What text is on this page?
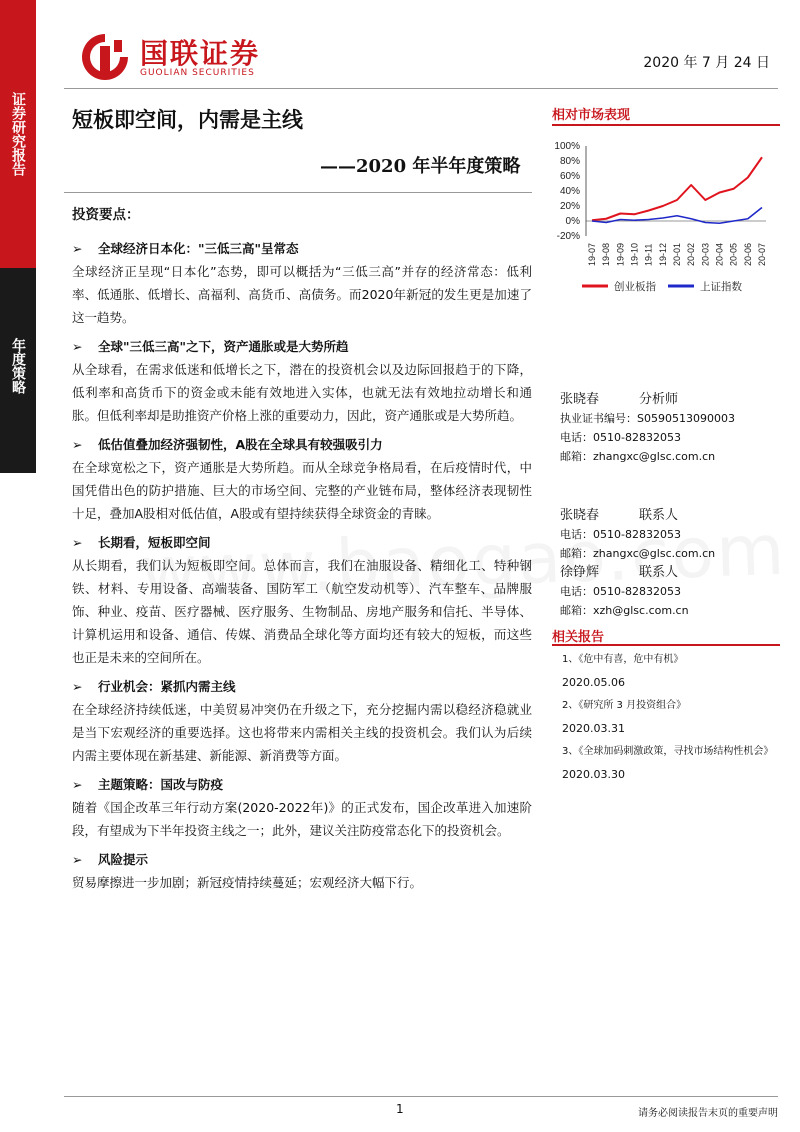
证券研究报告
年度策略
国联证券
GUOLIAN SECURITIES
2020 年 7 月 24 日
短板即空间，内需是主线
——2020 年半年度策略
投资要点：
➢ 全球经济日本化："三低三高"呈常态
全球经济正呈现“日本化”态势，即可以概括为“三低三高”并存的经济常态：低利率、低通胀、低增长、高福利、高货币、高债务。而2020年新冠的发生更是加速了这一趋势。
➢ 全球"三低三高"之下，资产通胀或是大势所趋
从全球看，在需求低迷和低增长之下，潜在的投资机会以及边际回报趋于的下降，低利率和高货币下的资金或未能有效地进入实体，也就无法有效地拉动增长和通胀。但低利率却是助推资产价格上涨的重要动力，因此，资产通胀或是大势所趋。
➢ 低估值叠加经济强韧性，A股在全球具有较强吸引力
在全球宽松之下，资产通胀是大势所趋。而从全球竞争格局看，在后疫情时代，中国凭借出色的防护措施、巨大的市场空间、完整的产业链布局，整体经济表现韧性十足，叠加A股相对低估值，A股或有望持续获得全球资金的青睐。
➢ 长期看，短板即空间
从长期看，我们认为短板即空间。总体而言，我们在油服设备、精细化工、特种钢铁、材料、专用设备、高端装备、国防军工（航空发动机等）、汽车整车、品牌服饰、种业、疫苗、医疗器械、医疗服务、生物制品、房地产服务和信托、半导体、计算机运用和设备、通信、传媒、消费品全球化等方面均还有较大的短板，而这些也正是未来的空间所在。
➢ 行业机会：紧抓内需主线
在全球经济持续低迷，中美贸易冲突仍在升级之下，充分挖掘内需以稳经济稳就业是当下宏观经济的重要选择。这也将带来内需相关主线的投资机会。我们认为后续内需主要体现在新基建、新能源、新消费等方面。
➢ 主题策略：国改与防疫
随着《国企改革三年行动方案(2020-2022年)》的正式发布，国企改革进入加速阶段，有望成为下半年投资主线之一；此外，建议关注防疫常态化下的投资机会。
➢ 风险提示
贸易摩擦进一步加剧；新冠疫情持续蔓延；宏观经济大幅下行。
相对市场表现
100%
80%
60%
40%
20%
0%
-20%
19-07 19-08 19-09 19-10 19-11 19-12 20-01 20-02 20-03 20-04 20-05 20-06 20-07
创业板指	上证指数
张晓春	分析师
执业证书编号：S0590513090003
电话：0510-82832053
邮箱：zhangxc@glsc.com.cn
张晓春	联系人
电话：0510-82832053
邮箱：zhangxc@glsc.com.cn
徐铮辉	联系人
电话：0510-82832053
邮箱：xzh@glsc.com.cn
相关报告
1、《危中有喜，危中有机》
2020.05.06
2、《研究所 3 月投资组合》
2020.03.31
3、《全球加码刺激政策，寻找市场结构性机会》
2020.03.30
1	请务必阅读报告末页的重要声明
